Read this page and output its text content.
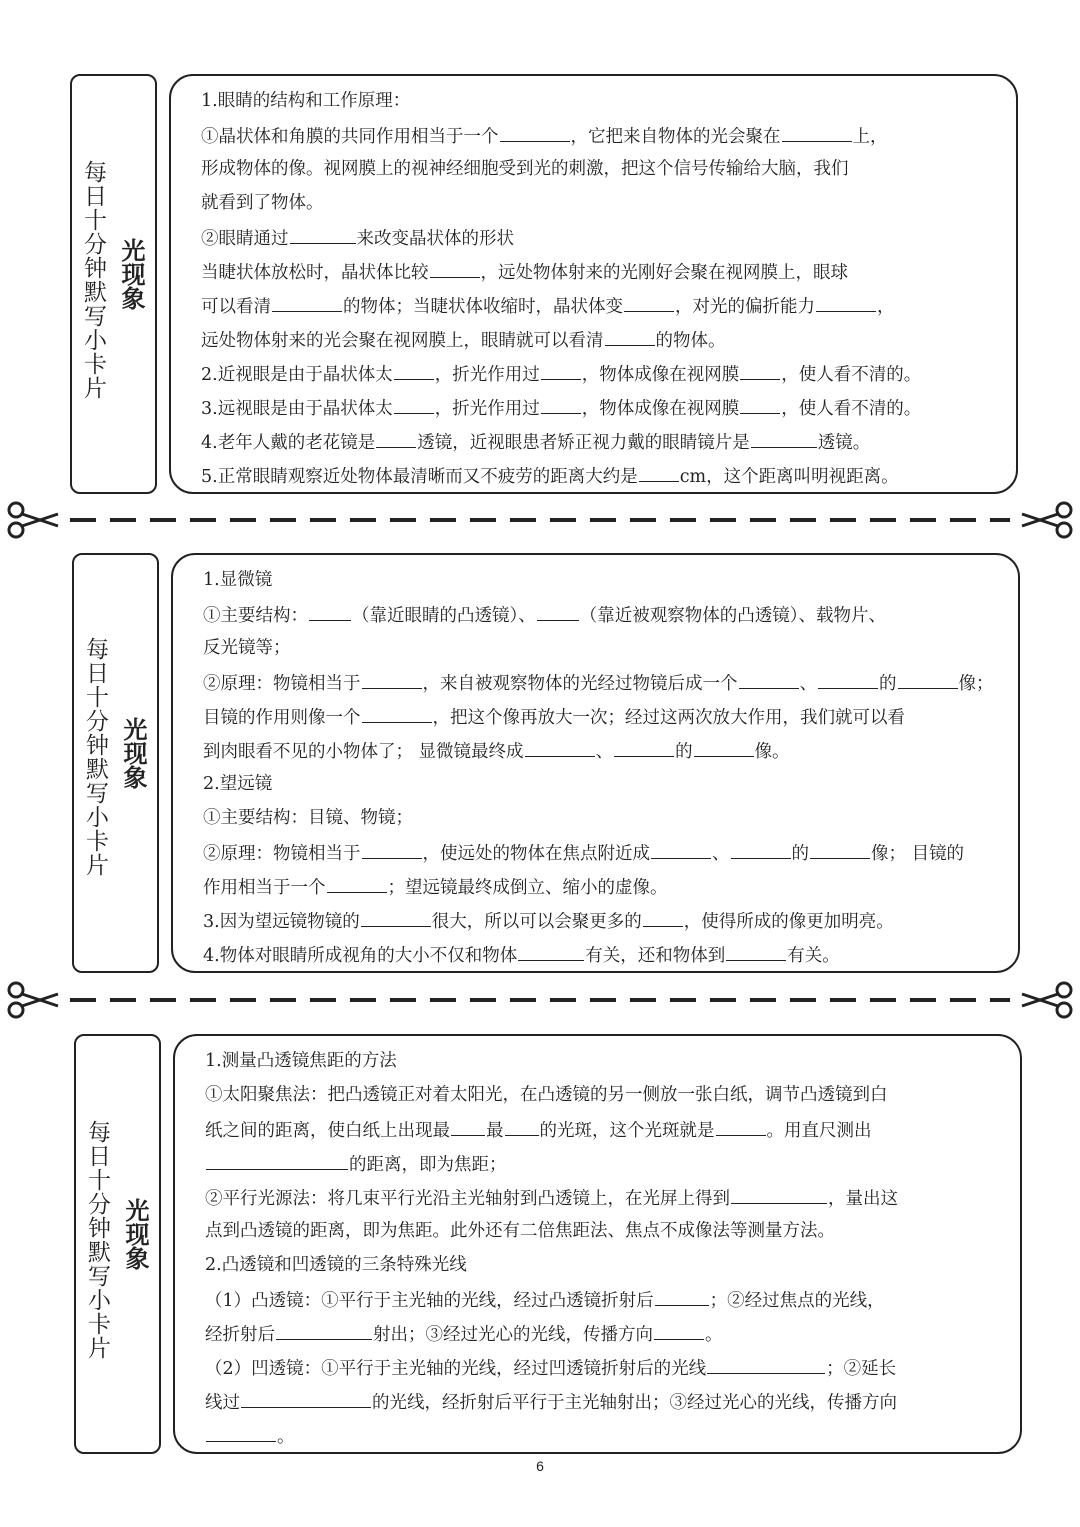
每日十分钟默写小卡片 光现象
1.眼睛的结构和工作原理：
①晶状体和角膜的共同作用相当于一个	，它把来自物体的光会聚在	上，
形成物体的像。视网膜上的视神经细胞受到光的刺激，把这个信号传输给大脑，我们
就看到了物体。
②眼睛通过	来改变晶状体的形状
当睫状体放松时，晶状体比较	，远处物体射来的光刚好会聚在视网膜上，眼球
可以看清	的物体；当睫状体收缩时，晶状体变	，对光的偏折能力	，
远处物体射来的光会聚在视网膜上，眼睛就可以看清	的物体。
2.近视眼是由于晶状体太 ，折光作用过 ，物体成像在视网膜 ，使人看不清的。
3.远视眼是由于晶状体太 ，折光作用过 ，物体成像在视网膜 ，使人看不清的。
4.老年人戴的老花镜是 透镜，近视眼患者矫正视力戴的眼睛镜片是	透镜。
5.正常眼睛观察近处物体最清晰而又不疲劳的距离大约是 cm，这个距离叫明视距离。
每日十分钟默写小卡片 光现象
1.显微镜
①主要结构：	（靠近眼睛的凸透镜）、	（靠近被观察物体的凸透镜）、载物片、
反光镜等；
②原理：物镜相当于	，来自被观察物体的光经过物镜后成一个	、	的	像；
目镜的作用则像一个	，把这个像再放大一次；经过这两次放大作用，我们就可以看
到肉眼看不见的小物体了； 显微镜最终成	、	的	像。
2.望远镜
①主要结构：目镜、物镜；
②原理：物镜相当于	，使远处的物体在焦点附近成	、	的	像； 目镜的
作用相当于一个	；望远镜最终成倒立、缩小的虚像。
3.因为望远镜物镜的	很大，所以可以会聚更多的 ，使得所成的像更加明亮。
4.物体对眼睛所成视角的大小不仅和物体	有关，还和物体到	有关。
每日十分钟默写小卡片 光现象
1.测量凸透镜焦距的方法
①太阳聚焦法：把凸透镜正对着太阳光，在凸透镜的另一侧放一张白纸，调节凸透镜到白
纸之间的距离，使白纸上出现最 最 的光斑，这个光斑就是	。用直尺测出
的距离，即为焦距；
②平行光源法：将几束平行光沿主光轴射到凸透镜上，在光屏上得到	，量出这
点到凸透镜的距离，即为焦距。此外还有二倍焦距法、焦点不成像法等测量方法。
2.凸透镜和凹透镜的三条特殊光线
（1）凸透镜：①平行于主光轴的光线，经过凸透镜折射后	；②经过焦点的光线，
经折射后	射出；③经过光心的光线，传播方向	。
（2）凹透镜：①平行于主光轴的光线，经过凹透镜折射后的光线	；②延长
线过	的光线，经折射后平行于主光轴射出；③经过光心的光线，传播方向
。
6
